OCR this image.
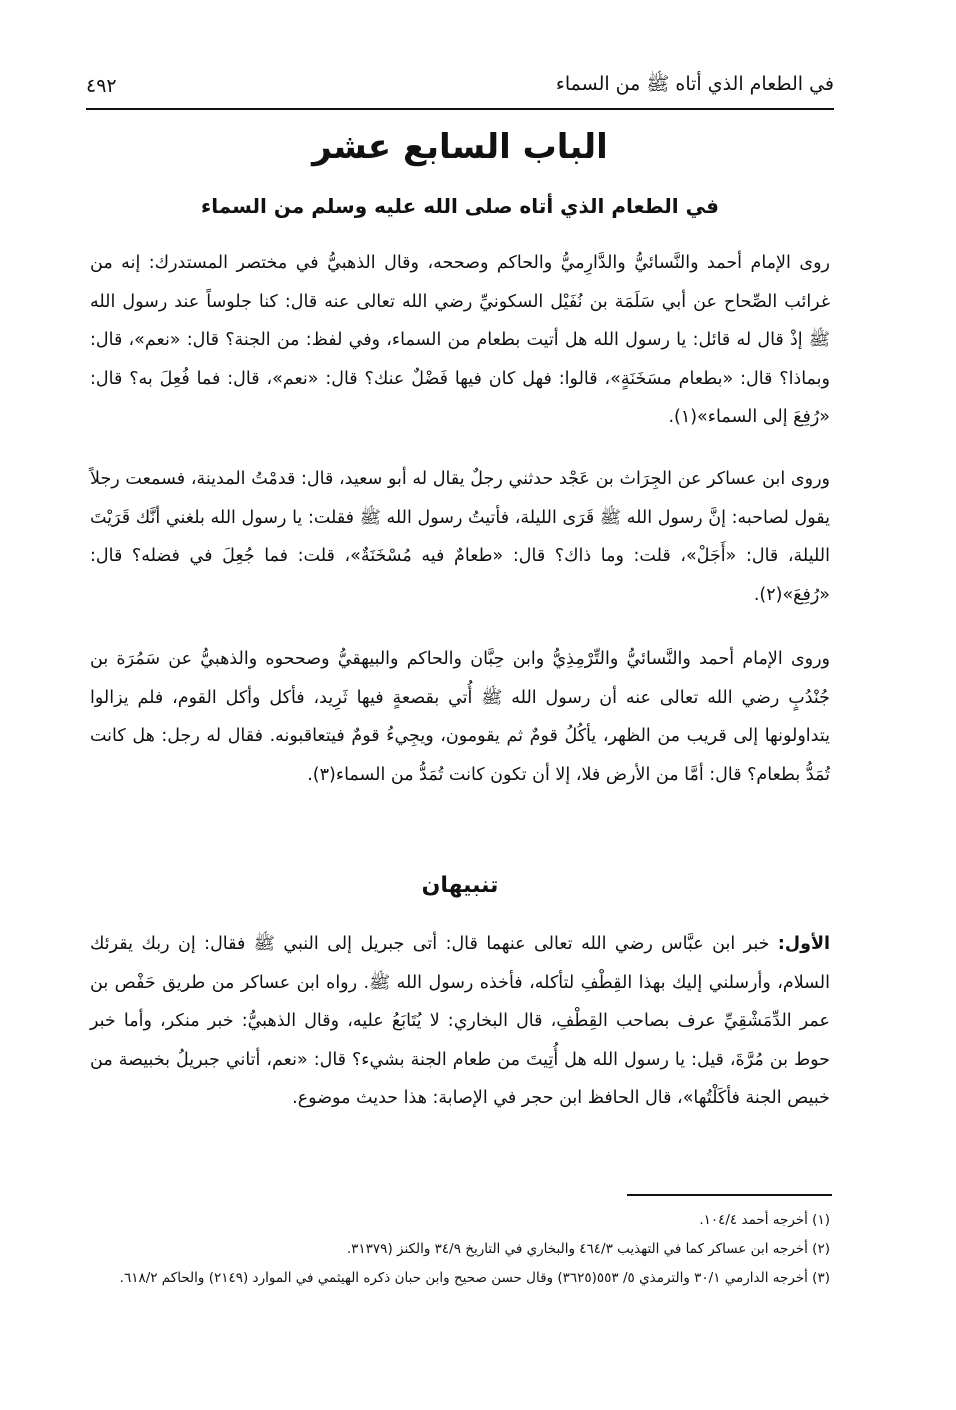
في الطعام الذي أتاه ﷺ من السماء
٤٩٢
الباب السابع عشر
في الطعام الذي أتاه صلى الله عليه وسلم من السماء

روى الإمام أحمد والنَّسائيُّ والدَّارِميُّ والحاكم وصححه، وقال الذهبيُّ في مختصر المستدرك: إنه من غرائب الصِّحاح عن أبي سَلَمَة بن نُفَيْل السكونيِّ رضي الله تعالى عنه قال: كنا جلوساً عند رسول الله ﷺ إذْ قال له قائل: يا رسول الله هل أتيت بطعام من السماء، وفي لفظ: من الجنة؟ قال: «نعم»، قال: وبماذا؟ قال: «بطعام مسَخَنَةٍ»، قالوا: فهل كان فيها فَضْلٌ عنك؟ قال: «نعم»، قال: فما فُعِلَ به؟ قال: «رُفِعَ إلى السماء»(١).

وروى ابن عساكر عن الجِرَاث بن عَجْد حدثني رجلٌ يقال له أبو سعيد، قال: قدمْتُ المدينة، فسمعت رجلاً يقول لصاحبه: إنَّ رسول الله ﷺ قَرَى الليلة، فأتيتُ رسول الله ﷺ فقلت: يا رسول الله بلغني أنَّك قَرَيْتَ الليلة، قال: «أَجَلْ»، قلت: وما ذاك؟ قال: «طعامٌ فيه مُسْخَنَةٌ»، قلت: فما جُعِلَ في فضله؟ قال: «رُفِعَ»(٢).

وروى الإمام أحمد والنَّسائيُّ والتِّرْمِذِيُّ وابن حِبَّان والحاكم والبيهقيُّ وصححوه والذهبيُّ عن سَمُرَة بن جُنْدُبٍ رضي الله تعالى عنه أن رسول الله ﷺ أُتي بقصعةٍ فيها ثَرِيد، فأكل وأكل القوم، فلم يزالوا يتداولونها إلى قريب من الظهر، يأكُلُ قومٌ ثم يقومون، ويجِيءُ قومٌ فيتعاقبونه. فقال له رجل: هل كانت تُمَدُّ بطعام؟ قال: أمَّا من الأرض فلا، إلا أن تكون كانت تُمَدُّ من السماء(٣).

تنبيهان

الأول: خبر ابن عبَّاس رضي الله تعالى عنهما قال: أتى جبريل إلى النبي ﷺ فقال: إن ربك يقرئك السلام، وأرسلني إليك بهذا القِطْفِ لتأكله، فأخذه رسول الله ﷺ. رواه ابن عساكر من طريق حَفْص بن عمر الدِّمَشْقِيِّ عرف بصاحب القِطْفِ، قال البخاري: لا يُتَابَعُ عليه، وقال الذهبيُّ: خبر منكر، وأما خبر حوط بن مُرَّةَ، قيل: يا رسول الله هل أُتِيتَ من طعام الجنة بشيء؟ قال: «نعم، أتاني جبريلُ بخبيصة من خبيص الجنة فأكَلْتُها»، قال الحافظ ابن حجر في الإصابة: هذا حديث موضوع.

(١) أخرجه أحمد ١٠٤/٤.
(٢) أخرجه ابن عساكر كما في التهذيب ٤٦٤/٣ والبخاري في التاريخ ٣٤/٩ والكنز (٣١٣٧٩.
(٣) أخرجه الدارمي ٣٠/١ والترمذي ٥/ ٥٥٣(٣٦٢٥) وقال حسن صحيح وابن حبان ذكره الهيثمي في الموارد (٢١٤٩) والحاكم ٦١٨/٢.
